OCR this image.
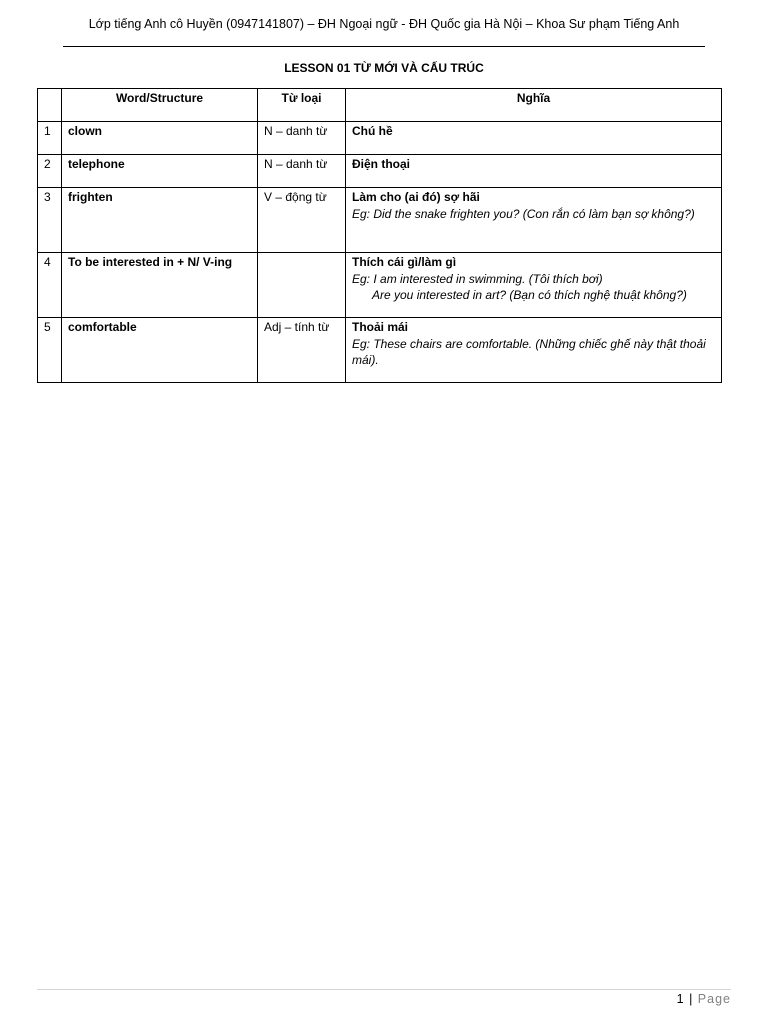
Lớp tiếng Anh cô Huyền (0947141807) – ĐH Ngoại ngữ - ĐH Quốc gia Hà Nội – Khoa Sư phạm Tiếng Anh
LESSON 01 TỪ MỚI VÀ CẤU TRÚC
	Word/Structure	Từ loại	Nghĩa
1	clown	N – danh từ	Chú hề

2	telephone	N – danh từ	Điện thoại

3	frighten	V – động từ	Làm cho (ai đó) sợ hãi
Eg: Did the snake frighten you? (Con rắn có làm bạn sợ không?)

4	To be interested in + N/ V-ing		Thích cái gì/làm gì
Eg: I am interested in swimming. (Tôi thích bơi)
Are you interested in art? (Bạn có thích nghệ thuật không?)

5	comfortable	Adj – tính từ	Thoải mái
Eg: These chairs are comfortable. (Những chiếc ghế này thật thoải mái).
1 | Page
